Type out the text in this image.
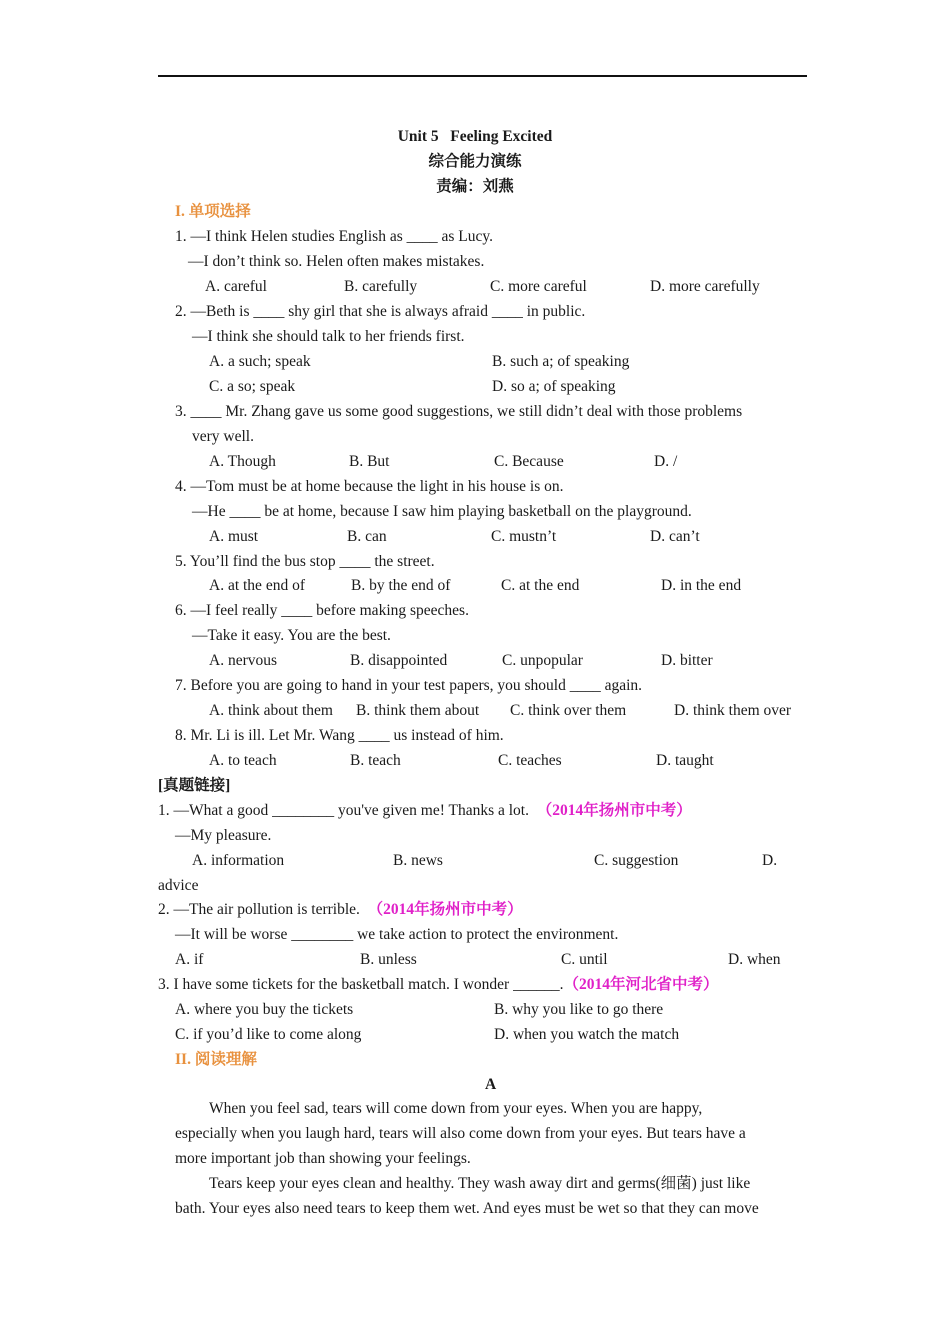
Unit 5   Feeling Excited
综合能力演练
责编：刘燕
I. 单项选择
1. —I think Helen studies English as ____ as Lucy.
—I don’t think so. Helen often makes mistakes.
A. careful	B. carefully	C. more careful	D. more carefully
2. —Beth is ____ shy girl that she is always afraid ____ in public.
—I think she should talk to her friends first.
A. a such; speak	B. such a; of speaking
C. a so; speak	D. so a; of speaking
3. ____ Mr. Zhang gave us some good suggestions, we still didn’t deal with those problems
very well.
A. Though	B. But	C. Because	D. /
4. —Tom must be at home because the light in his house is on.
—He ____ be at home, because I saw him playing basketball on the playground.
A. must	B. can	C. mustn’t	D. can’t
5. You’ll find the bus stop ____ the street.
A. at the end of	B. by the end of	C. at the end	D. in the end
6. —I feel really ____ before making speeches.
—Take it easy. You are the best.
A. nervous	B. disappointed	C. unpopular	D. bitter
7. Before you are going to hand in your test papers, you should ____ again.
A. think about them B. think them about C. think over them	D. think them over
8. Mr. Li is ill. Let Mr. Wang ____ us instead of him.
A. to teach	B. teach	C. teaches	D. taught
[真题链接]
1. —What a good ________ you've given me! Thanks a lot. （2014年扬州市中考）
—My pleasure.
A. information	B. news	C. suggestion	D.
advice
2. —The air pollution is terrible. （2014年扬州市中考）
—It will be worse ________ we take action to protect the environment.
A. if	B. unless	C. until	D. when
3. I have some tickets for the basketball match. I wonder ______.（2014年河北省中考）
A. where you buy the tickets	B. why you like to go there
C. if you’d like to come along	D. when you watch the match
II. 阅读理解
A
When you feel sad, tears will come down from your eyes. When you are happy,
especially when you laugh hard, tears will also come down from your eyes. But tears have a
more important job than showing your feelings.
Tears keep your eyes clean and healthy. They wash away dirt and germs(细菌) just like
bath. Your eyes also need tears to keep them wet. And eyes must be wet so that they can move
